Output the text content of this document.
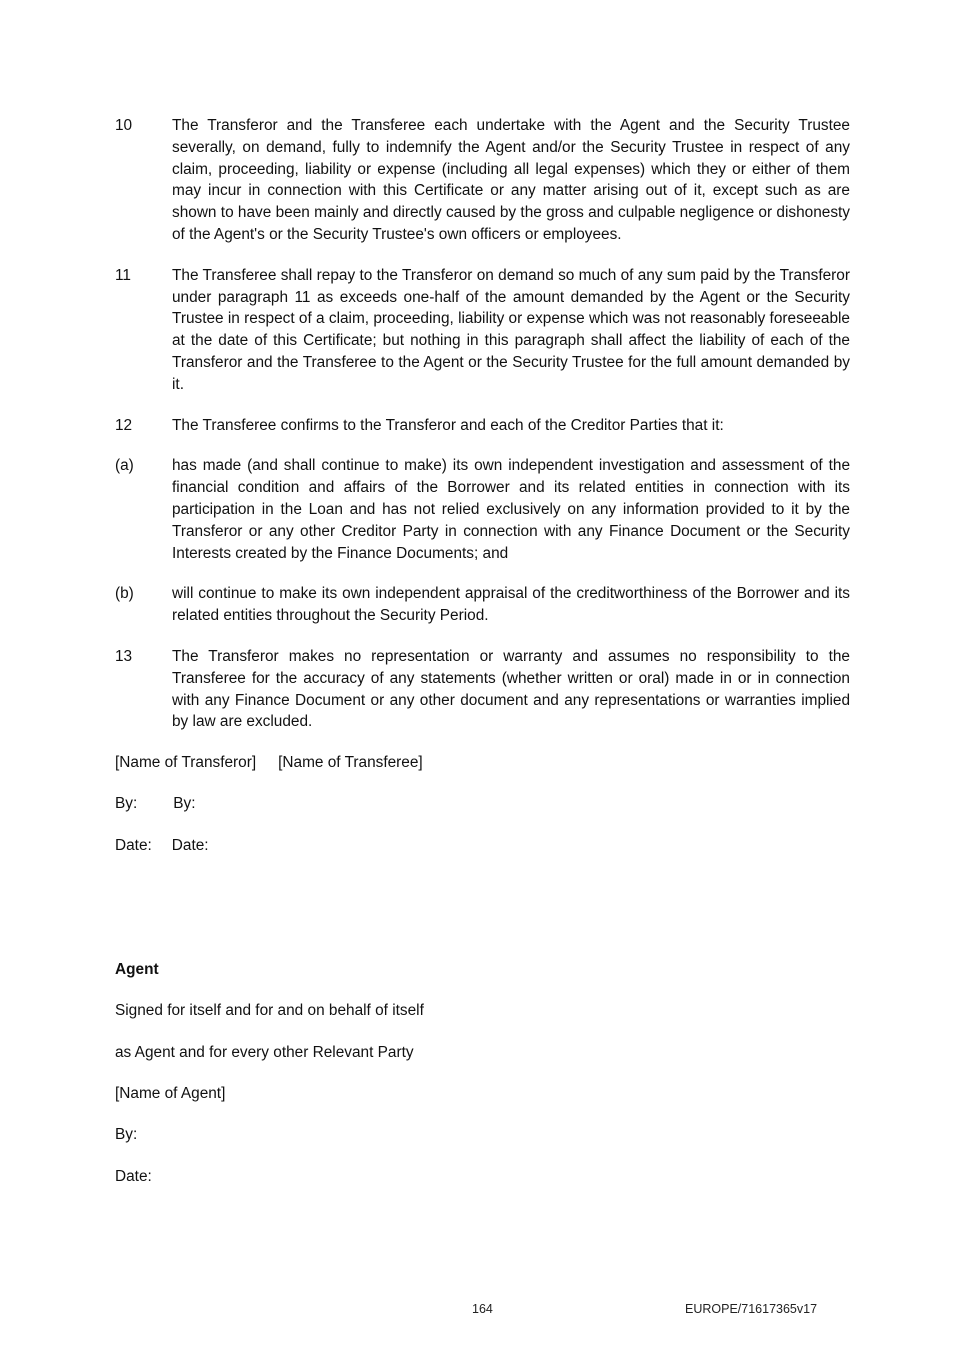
10	The Transferor and the Transferee each undertake with the Agent and the Security Trustee severally, on demand, fully to indemnify the Agent and/or the Security Trustee in respect of any claim, proceeding, liability or expense (including all legal expenses) which they or either of them may incur in connection with this Certificate or any matter arising out of it, except such as are shown to have been mainly and directly caused by the gross and culpable negligence or dishonesty of the Agent's or the Security Trustee's own officers or employees.
11	The Transferee shall repay to the Transferor on demand so much of any sum paid by the Transferor under paragraph 11 as exceeds one-half of the amount demanded by the Agent or the Security Trustee in respect of a claim, proceeding, liability or expense which was not reasonably foreseeable at the date of this Certificate; but nothing in this paragraph shall affect the liability of each of the Transferor and the Transferee to the Agent or the Security Trustee for the full amount demanded by it.
12	The Transferee confirms to the Transferor and each of the Creditor Parties that it:
(a)	has made (and shall continue to make) its own independent investigation and assessment of the financial condition and affairs of the Borrower and its related entities in connection with its participation in the Loan and has not relied exclusively on any information provided to it by the Transferor or any other Creditor Party in connection with any Finance Document or the Security Interests created by the Finance Documents; and
(b)	will continue to make its own independent appraisal of the creditworthiness of the Borrower and its related entities throughout the Security Period.
13	The Transferor makes no representation or warranty and assumes no responsibility to the Transferee for the accuracy of any statements (whether written or oral) made in or in connection with any Finance Document or any other document and any representations or warranties implied by law are excluded.
[Name of Transferor] [Name of Transferee]
By: By:
Date: Date:
Agent
Signed for itself and for and on behalf of itself
as Agent and for every other Relevant Party
[Name of Agent]
By:
Date:
164	EUROPE/71617365v17
